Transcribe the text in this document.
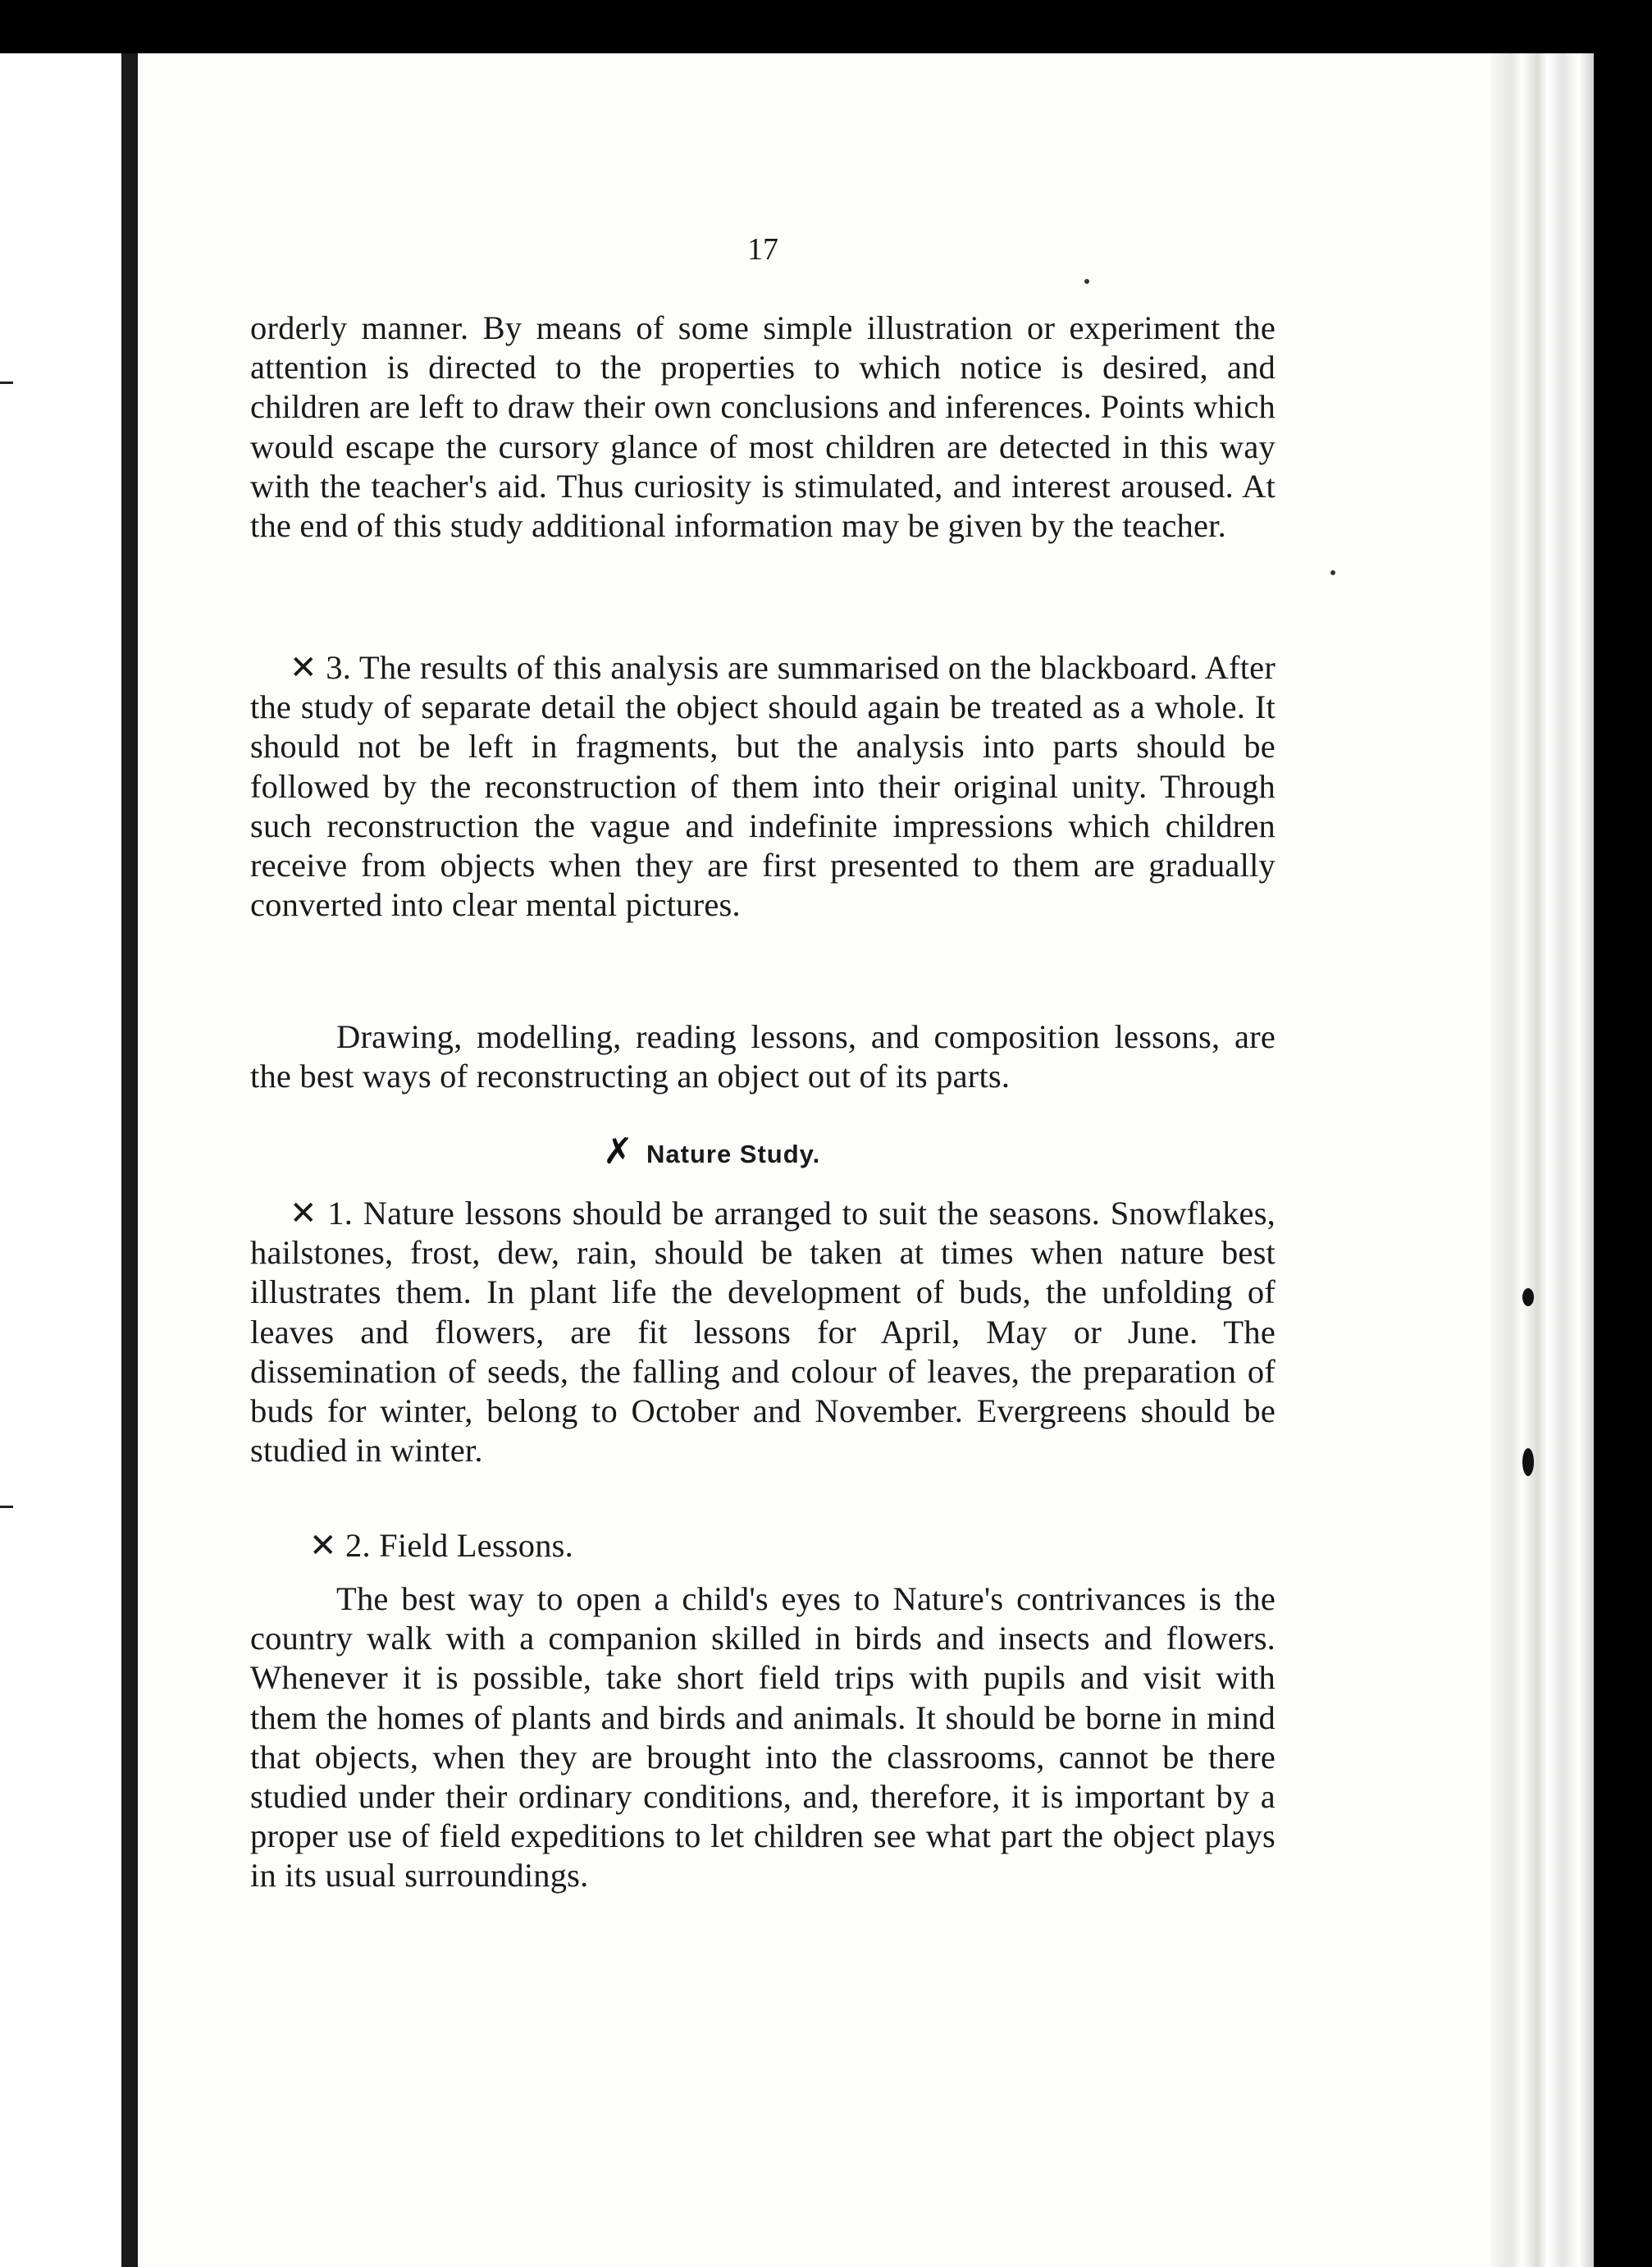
17

orderly manner. By means of some simple illustration or experiment the attention is directed to the properties to which notice is desired, and children are left to draw their own conclusions and inferences. Points which would escape the cursory glance of most children are detected in this way with the teacher's aid. Thus curiosity is stimulated, and interest aroused. At the end of this study additional information may be given by the teacher.

✕ 3. The results of this analysis are summarised on the blackboard. After the study of separate detail the object should again be treated as a whole. It should not be left in fragments, but the analysis into parts should be followed by the reconstruction of them into their original unity. Through such reconstruction the vague and indefinite impressions which children receive from objects when they are first presented to them are gradually converted into clear mental pictures.

Drawing, modelling, reading lessons, and composition lessons, are the best ways of reconstructing an object out of its parts.

✗ Nature Study.

✕ 1. Nature lessons should be arranged to suit the seasons. Snowflakes, hailstones, frost, dew, rain, should be taken at times when nature best illustrates them. In plant life the development of buds, the unfolding of leaves and flowers, are fit lessons for April, May or June. The dissemination of seeds, the falling and colour of leaves, the preparation of buds for winter, belong to October and November. Evergreens should be studied in winter.

✕ 2. Field Lessons.

The best way to open a child's eyes to Nature's contrivances is the country walk with a companion skilled in birds and insects and flowers. Whenever it is possible, take short field trips with pupils and visit with them the homes of plants and birds and animals. It should be borne in mind that objects, when they are brought into the classrooms, cannot be there studied under their ordinary conditions, and, therefore, it is important by a proper use of field expeditions to let children see what part the object plays in its usual surroundings.
